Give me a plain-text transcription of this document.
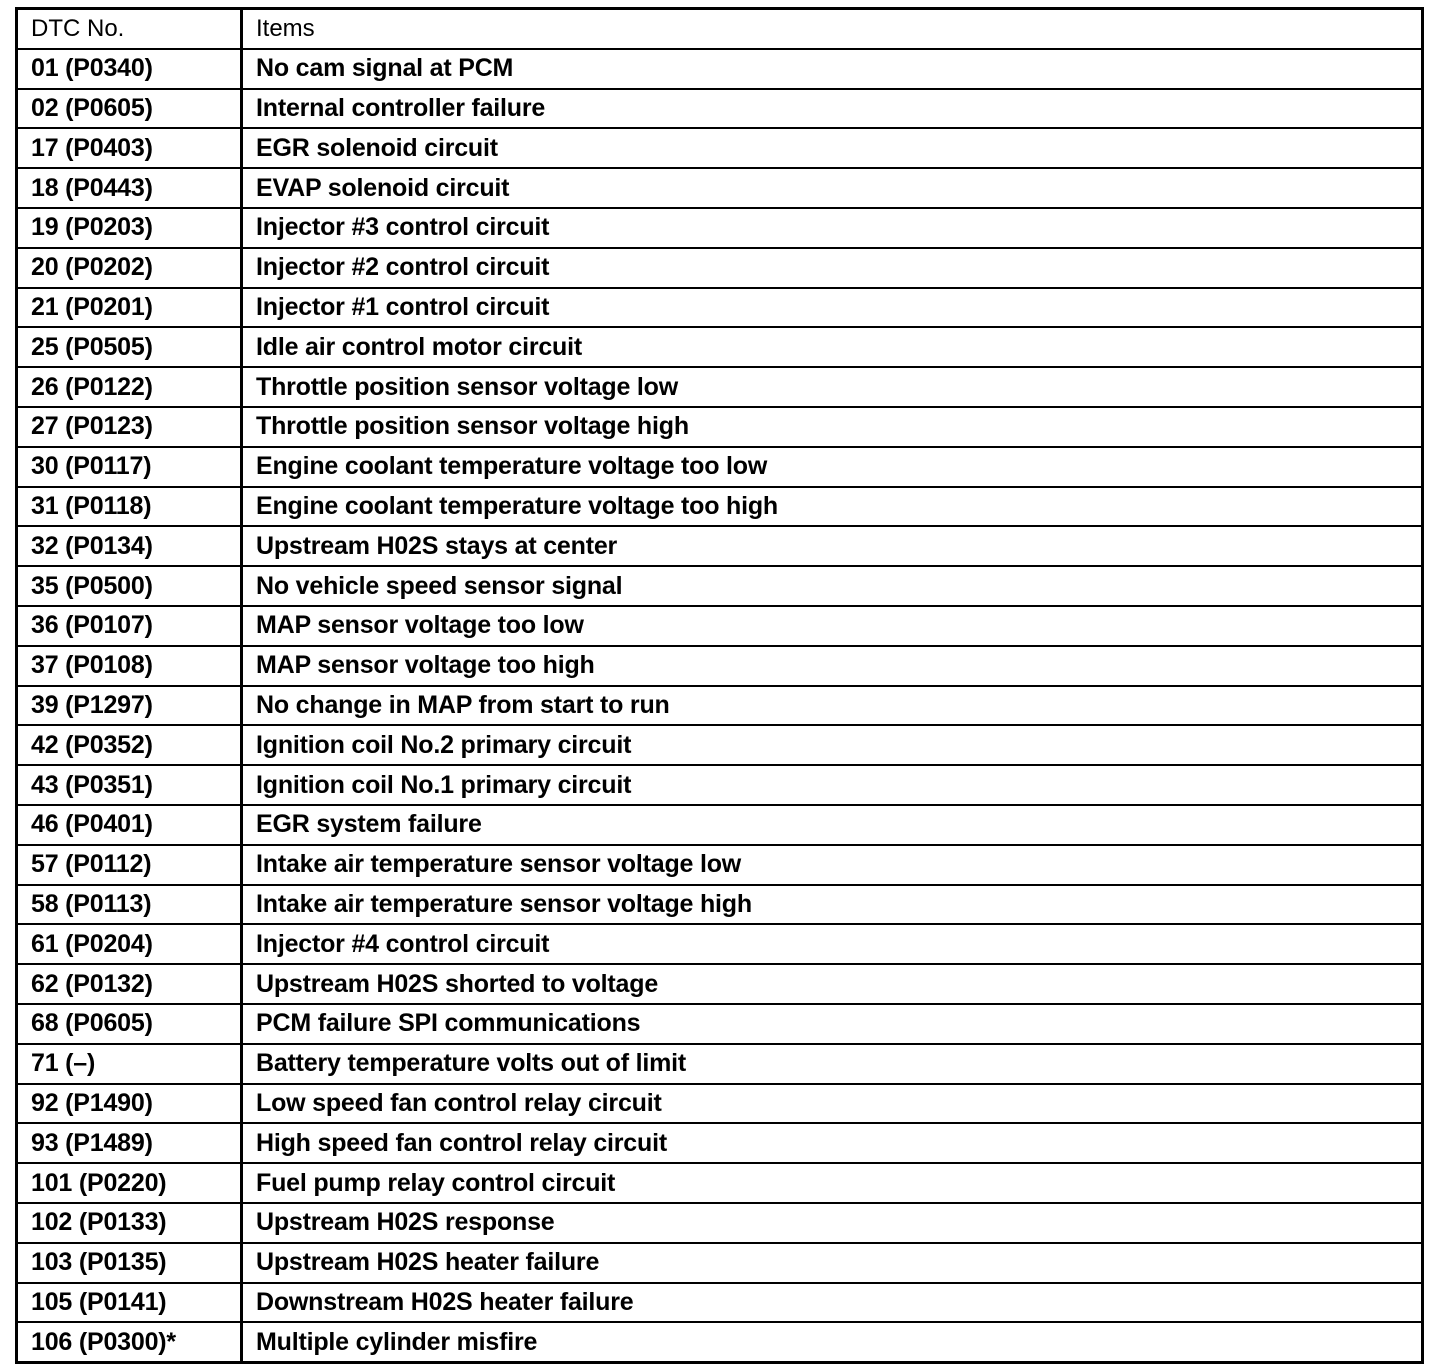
DTC No.	Items
01 (P0340)	No cam signal at PCM
02 (P0605)	Internal controller failure
17 (P0403)	EGR solenoid circuit
18 (P0443)	EVAP solenoid circuit
19 (P0203)	Injector #3 control circuit
20 (P0202)	Injector #2 control circuit
21 (P0201)	Injector #1 control circuit
25 (P0505)	Idle air control motor circuit
26 (P0122)	Throttle position sensor voltage low
27 (P0123)	Throttle position sensor voltage high
30 (P0117)	Engine coolant temperature voltage too low
31 (P0118)	Engine coolant temperature voltage too high
32 (P0134)	Upstream H02S stays at center
35 (P0500)	No vehicle speed sensor signal
36 (P0107)	MAP sensor voltage too low
37 (P0108)	MAP sensor voltage too high
39 (P1297)	No change in MAP from start to run
42 (P0352)	Ignition coil No.2 primary circuit
43 (P0351)	Ignition coil No.1 primary circuit
46 (P0401)	EGR system failure
57 (P0112)	Intake air temperature sensor voltage low
58 (P0113)	Intake air temperature sensor voltage high
61 (P0204)	Injector #4 control circuit
62 (P0132)	Upstream H02S shorted to voltage
68 (P0605)	PCM failure SPI communications
71 (–)	Battery temperature volts out of limit
92 (P1490)	Low speed fan control relay circuit
93 (P1489)	High speed fan control relay circuit
101 (P0220)	Fuel pump relay control circuit
102 (P0133)	Upstream H02S response
103 (P0135)	Upstream H02S heater failure
105 (P0141)	Downstream H02S heater failure
106 (P0300)*	Multiple cylinder misfire
